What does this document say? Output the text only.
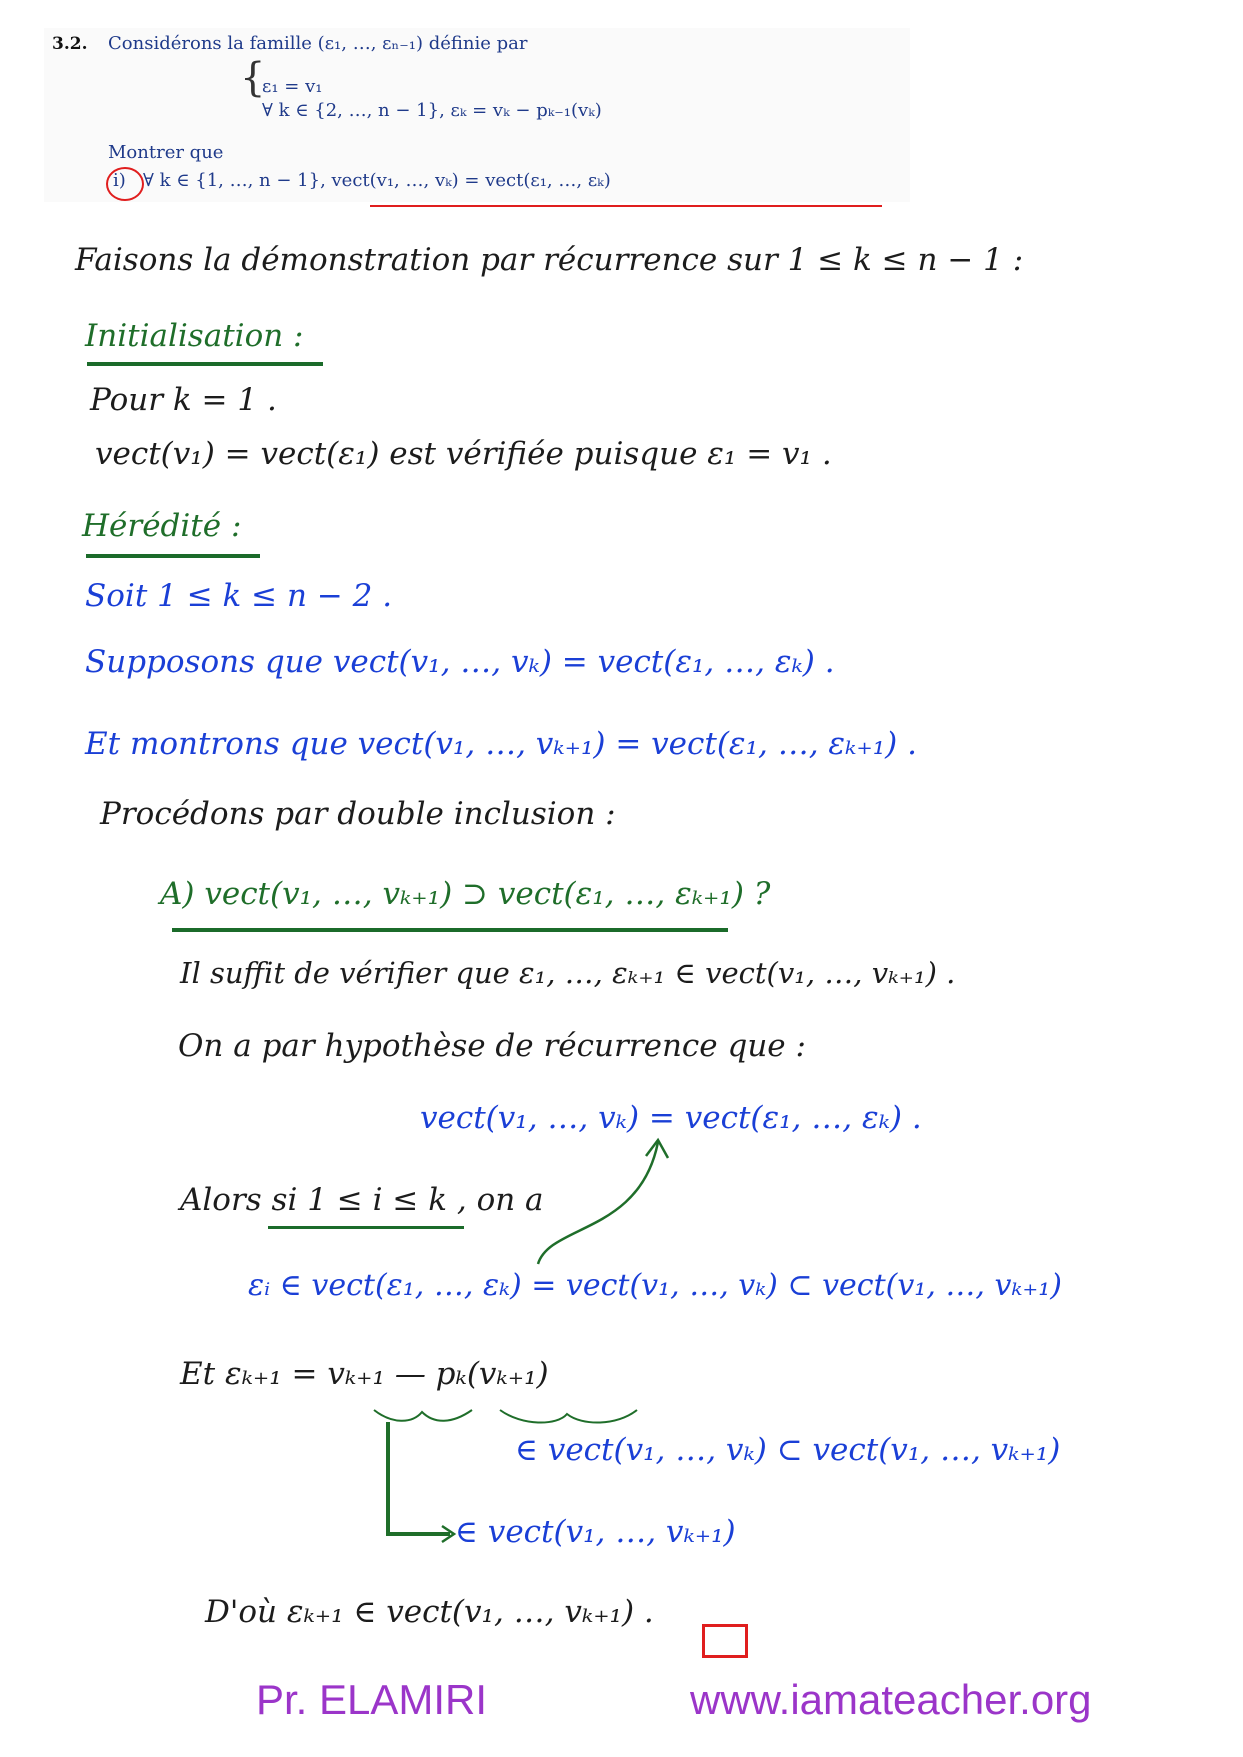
3.2. Considérons la famille (ε₁, …, εₙ₋₁) définie par
{
ε₁ = v₁
∀ k ∈ {2, …, n − 1}, εₖ = vₖ − pₖ₋₁(vₖ)
Montrer que
i) ∀ k ∈ {1, …, n − 1}, vect(v₁, …, vₖ) = vect(ε₁, …, εₖ)
Faisons la démonstration par récurrence sur 1 ≤ k ≤ n − 1 :
Initialisation :
Pour k = 1 .
vect(v₁) = vect(ε₁) est vérifiée puisque ε₁ = v₁ .
Hérédité :
Soit 1 ≤ k ≤ n − 2 .
Supposons que vect(v₁, …, vₖ) = vect(ε₁, …, εₖ) .
Et montrons que vect(v₁, …, vₖ₊₁) = vect(ε₁, …, εₖ₊₁) .
Procédons par double inclusion :
A) vect(v₁, …, vₖ₊₁) ⊃ vect(ε₁, …, εₖ₊₁) ?
Il suffit de vérifier que ε₁, …, εₖ₊₁ ∈ vect(v₁, …, vₖ₊₁) .
On a par hypothèse de récurrence que :
vect(v₁, …, vₖ) = vect(ε₁, …, εₖ) .
Alors si 1 ≤ i ≤ k , on a
εᵢ ∈ vect(ε₁, …, εₖ) = vect(v₁, …, vₖ) ⊂ vect(v₁, …, vₖ₊₁)
Et εₖ₊₁ = vₖ₊₁ — pₖ(vₖ₊₁)
∈ vect(v₁, …, vₖ) ⊂ vect(v₁, …, vₖ₊₁)
∈ vect(v₁, …, vₖ₊₁)
D'où εₖ₊₁ ∈ vect(v₁, …, vₖ₊₁) .
Pr. ELAMIRI	www.iamateacher.org
